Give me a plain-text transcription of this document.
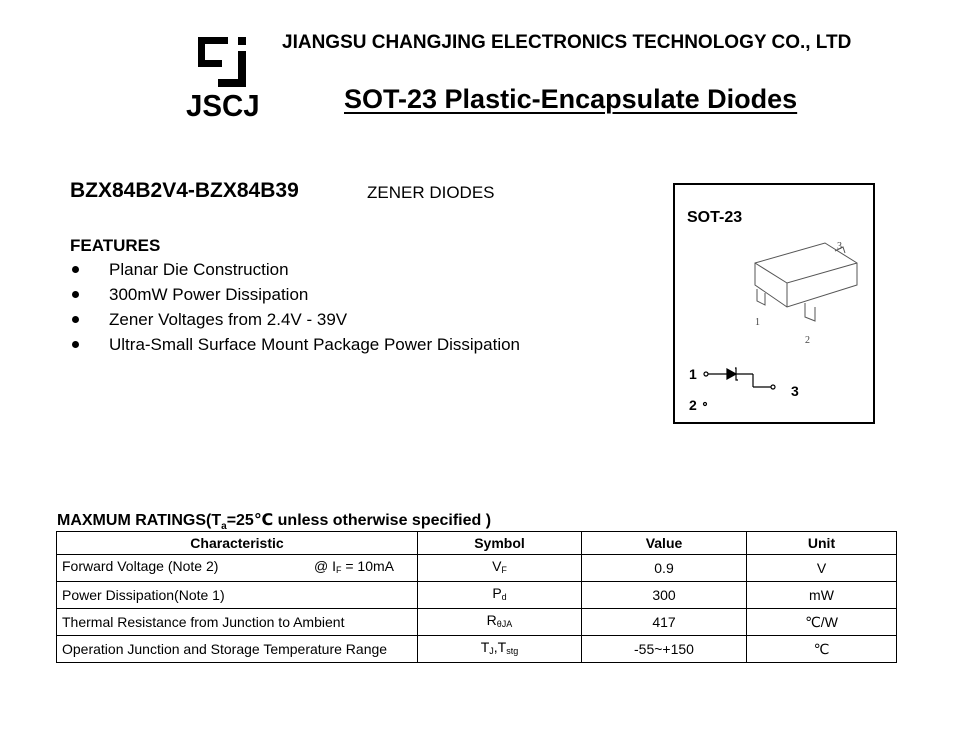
JSCJ
JIANGSU CHANGJING ELECTRONICS TECHNOLOGY CO., LTD
SOT-23 Plastic-Encapsulate Diodes
BZX84B2V4-BZX84B39	ZENER DIODES
FEATURES
Planar Die Construction
300mW Power Dissipation
Zener Voltages from 2.4V - 39V
Ultra-Small Surface Mount Package Power Dissipation
3
1
2
1
2
3
SOT-23
MAXMUM $RATINGS(T_a=25℃$ unless otherwise specified )
Characteristic	Symbol	Value	Unit
Forward Voltage (Note 2) @ $I_F = 10mA$	$V_F$	0.9	V
Power Dissipation(Note 1)	$P_d$	300	mW
Thermal Resistance from Junction to Ambient	$R_{\theta JA}$	417	℃/W
Operation Junction and Storage Temperature Range	$T_J,T_{stg}$	-55~+150	℃
